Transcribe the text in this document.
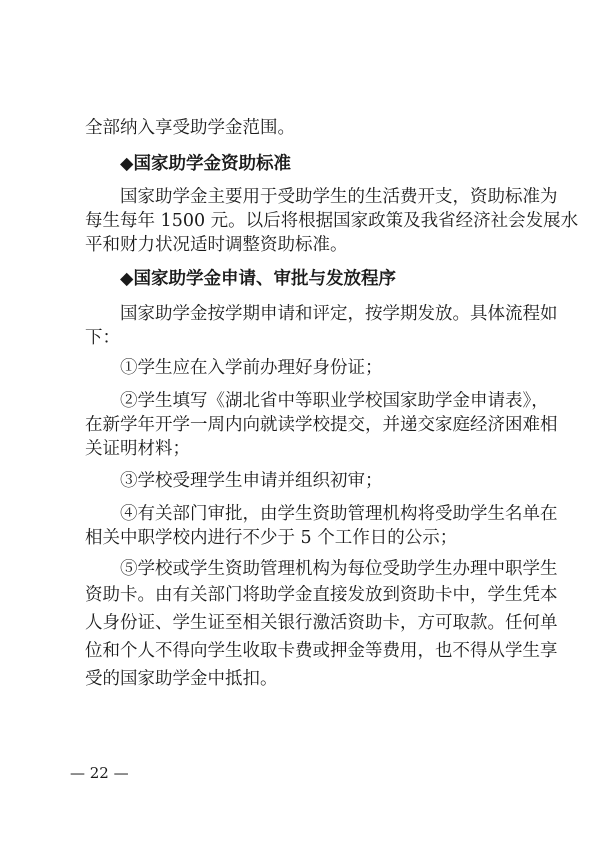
全部纳入享受助学金范围。
◆国家助学金资助标准
国家助学金主要用于受助学生的生活费开支，资助标准为
每生每年 1500 元。以后将根据国家政策及我省经济社会发展水
平和财力状况适时调整资助标准。
◆国家助学金申请、审批与发放程序
国家助学金按学期申请和评定，按学期发放。具体流程如
下：
①学生应在入学前办理好身份证；
②学生填写《湖北省中等职业学校国家助学金申请表》，
在新学年开学一周内向就读学校提交，并递交家庭经济困难相
关证明材料；
③学校受理学生申请并组织初审；
④有关部门审批，由学生资助管理机构将受助学生名单在
相关中职学校内进行不少于 5 个工作日的公示；
⑤学校或学生资助管理机构为每位受助学生办理中职学生
资助卡。由有关部门将助学金直接发放到资助卡中，学生凭本
人身份证、学生证至相关银行激活资助卡，方可取款。任何单
位和个人不得向学生收取卡费或押金等费用，也不得从学生享
受的国家助学金中抵扣。
— 22 —
